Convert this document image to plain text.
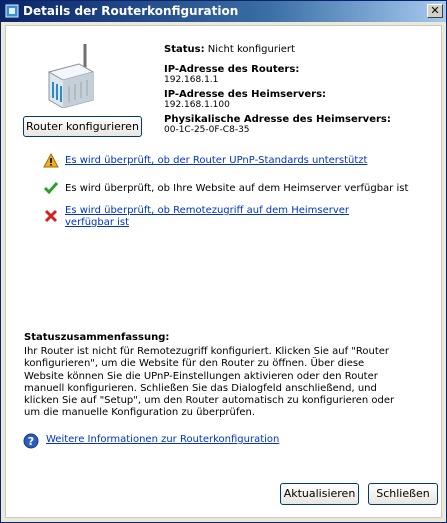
Details der Routerkonfiguration	✕
Router konfigurieren
Status: Nicht konfiguriert
IP-Adresse des Routers:
192.168.1.1
IP-Adresse des Heimservers:
192.168.1.100
Physikalische Adresse des Heimservers:
00-1C-25-0F-C8-35
Es wird überprüft, ob der Router UPnP-Standards unterstützt
Es wird überprüft, ob Ihre Website auf dem Heimserver verfügbar ist
Es wird überprüft, ob Remotezugriff auf dem Heimserver verfügbar ist
Statuszusammenfassung:
Ihr Router ist nicht für Remotezugriff konfiguriert. Klicken Sie auf "Router konfigurieren", um die Website für den Router zu öffnen. Über diese Website können Sie die UPnP-Einstellungen aktivieren oder den Router manuell konfigurieren. Schließen Sie das Dialogfeld anschließend, und klicken Sie auf "Setup", um den Router automatisch zu konfigurieren oder um die manuelle Konfiguration zu überprüfen.
? Weitere Informationen zur Routerkonfiguration
Aktualisieren	Schließen
